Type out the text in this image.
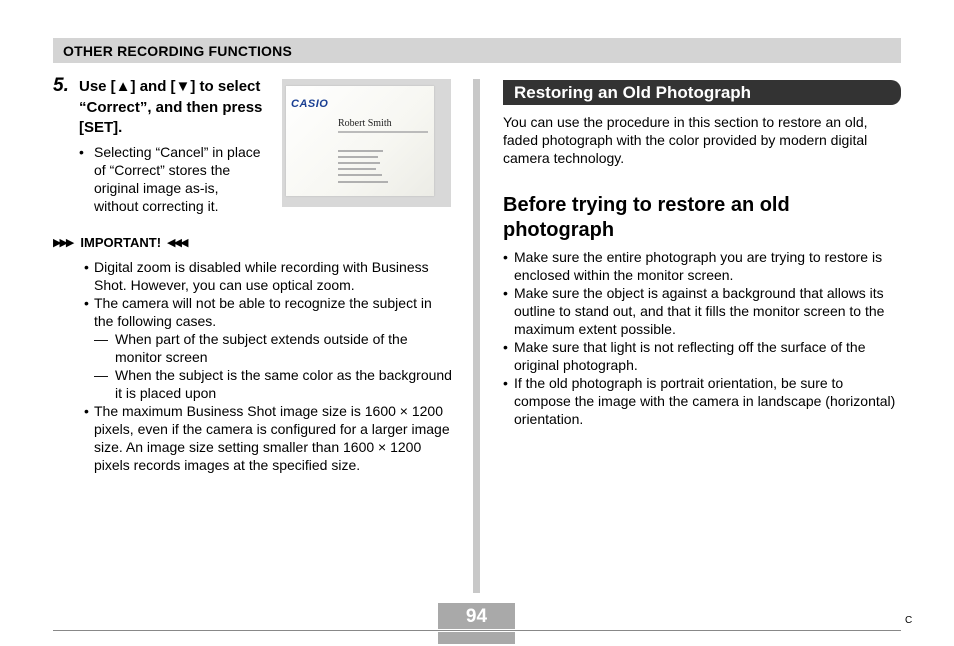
OTHER RECORDING FUNCTIONS
5. Use [▲] and [▼] to select “Correct”, and then press [SET].
• Selecting “Cancel” in place of “Correct” stores the original image as-is, without correcting it.
CASIO
Robert Smith
▶▶▶ IMPORTANT! ◀◀◀
• Digital zoom is disabled while recording with Business Shot. However, you can use optical zoom.
• The camera will not be able to recognize the subject in the following cases.
— When part of the subject extends outside of the monitor screen
— When the subject is the same color as the background it is placed upon
• The maximum Business Shot image size is 1600 × 1200 pixels, even if the camera is configured for a larger image size. An image size setting smaller than 1600 × 1200 pixels records images at the specified size.
Restoring an Old Photograph
You can use the procedure in this section to restore an old, faded photograph with the color provided by modern digital camera technology.
Before trying to restore an old photograph
• Make sure the entire photograph you are trying to restore is enclosed within the monitor screen.
• Make sure the object is against a background that allows its outline to stand out, and that it fills the monitor screen to the maximum extent possible.
• Make sure that light is not reflecting off the surface of the original photograph.
• If the old photograph is portrait orientation, be sure to compose the image with the camera in landscape (horizontal) orientation.
94	C
